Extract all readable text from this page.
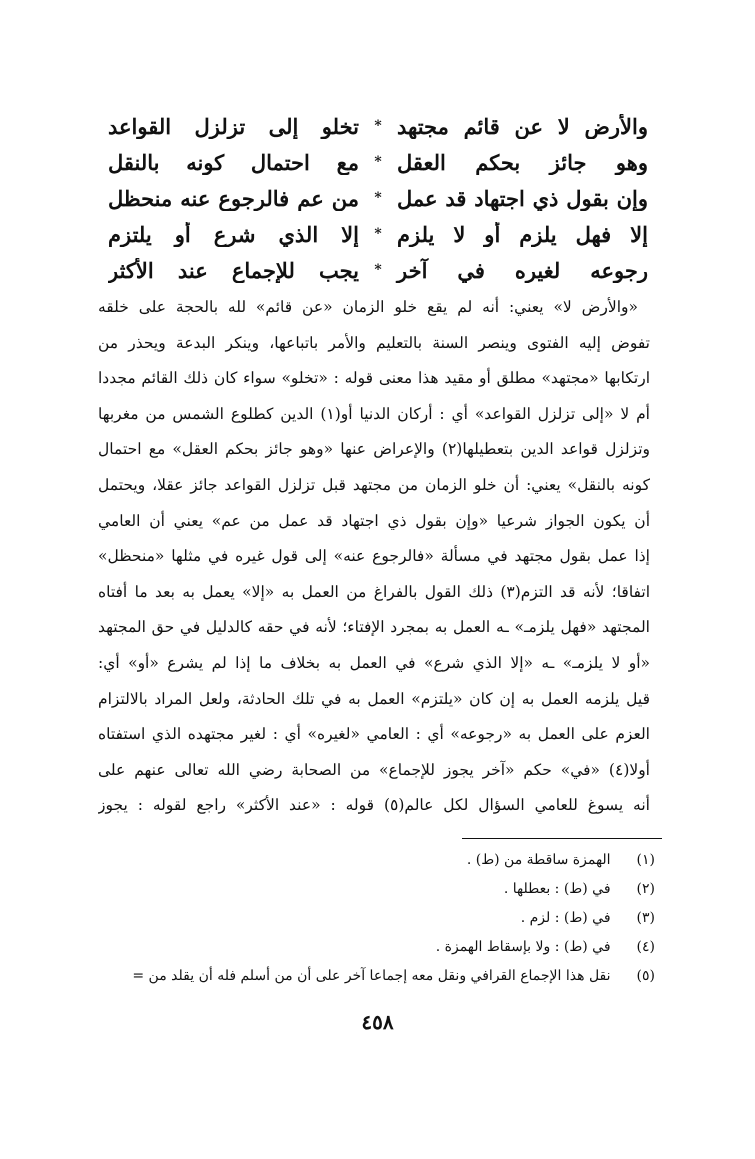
والأرض لا عن قائم مجتهد
*
تخلو إلى تزلزل القواعد
وهو جائز بحكم العقل
*
مع احتمال كونه بالنقل
وإن بقول ذي اجتهاد قد عمل
*
من عم فالرجوع عنه منحظل
إلا فهل يلزم أو لا يلزم
*
إلا الذي شرع أو يلتزم
رجوعه لغيره في آخر
*
يجب للإجماع عند الأكثر
«والأرض لا» يعني: أنه لم يقع خلو الزمان «عن قائم» لله بالحجة على خلقه
تفوض إليه الفتوى وينصر السنة بالتعليم والأمر باتباعها، وينكر البدعة ويحذر من
ارتكابها «مجتهد» مطلق أو مقيد هذا معنى قوله : «تخلو» سواء كان ذلك القائم مجددا
أم لا «إلى تزلزل القواعد» أي : أركان الدنيا أو(١) الدين كطلوع الشمس من مغربها
وتزلزل قواعد الدين بتعطيلها(٢) والإعراض عنها «وهو جائز بحكم العقل» مع احتمال
كونه بالنقل» يعني: أن خلو الزمان من مجتهد قبل تزلزل القواعد جائز عقلا، ويحتمل
أن يكون الجواز شرعيا «وإن بقول ذي اجتهاد قد عمل من عم» يعني أن العامي
إذا عمل بقول مجتهد في مسألة «فالرجوع عنه» إلى قول غيره في مثلها «منحظل»
اتفاقا؛ لأنه قد التزم(٣) ذلك القول بالفراغ من العمل به «إلا» يعمل به بعد ما أفتاه
المجتهد «فهل يلزمـ» ـه العمل به بمجرد الإفتاء؛ لأنه في حقه كالدليل في حق المجتهد
«أو لا يلزمـ» ـه «إلا الذي شرع» في العمل به بخلاف ما إذا لم يشرع «أو» أي:
قيل يلزمه العمل به إن كان «يلتزم» العمل به في تلك الحادثة، ولعل المراد بالالتزام
العزم على العمل به «رجوعه» أي : العامي «لغيره» أي : لغير مجتهده الذي استفتاه
أولا(٤) «في» حكم «آخر يجوز للإجماع» من الصحابة رضي الله تعالى عنهم على
أنه يسوغ للعامي السؤال لكل عالم(٥) قوله : «عند الأكثر» راجع لقوله : يجوز
(١) الهمزة ساقطة من (ط) .
(٢) في (ط) : بعطلها .
(٣) في (ط) : لزم .
(٤) في (ط) : ولا بإسقاط الهمزة .
(٥) نقل هذا الإجماع القرافي ونقل معه إجماعا آخر على أن من أسلم فله أن يقلد من =
٤٥٨
